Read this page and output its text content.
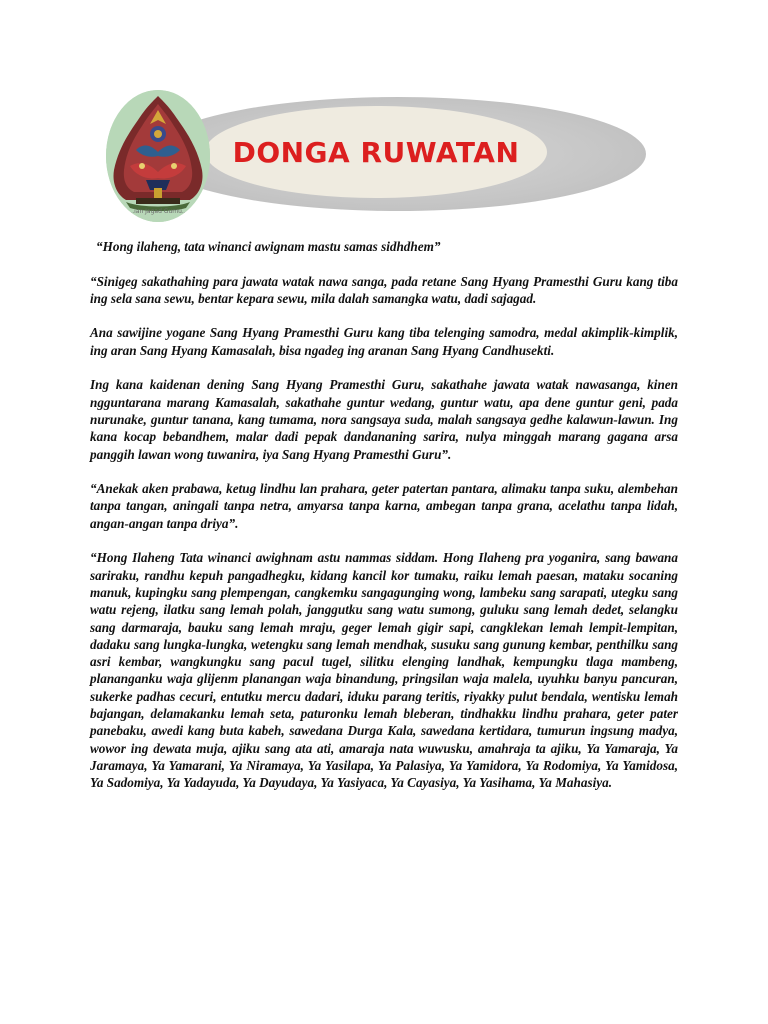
DONGA RUWATAN
...ian Jagad Gumu...

“Hong ilaheng, tata winanci awignam mastu samas sidhdhem”

“Sinigeg sakathahing para jawata watak nawa sanga, pada retane Sang Hyang Pramesthi Guru kang tiba ing sela sana sewu, bentar kepara sewu, mila dalah samangka watu, dadi sajagad.

Ana sawijine yogane Sang Hyang Pramesthi Guru kang tiba telenging samodra, medal akimplik-kimplik, ing aran Sang Hyang Kamasalah, bisa ngadeg ing aranan Sang Hyang Candhusekti.

Ing kana kaidenan dening Sang Hyang Pramesthi Guru, sakathahe jawata watak nawasanga, kinen ngguntarana marang Kamasalah, sakathahe guntur wedang, guntur watu, apa dene guntur geni, pada nurunake, guntur tanana, kang tumama, nora sangsaya suda, malah sangsaya gedhe kalawun-lawun. Ing kana kocap bebandhem, malar dadi pepak dandananing sarira, nulya minggah marang gagana arsa panggih lawan wong tuwanira, iya Sang Hyang Pramesthi Guru”.

“Anekak aken prabawa, ketug lindhu lan prahara, geter patertan pantara, alimaku tanpa suku, alembehan tanpa tangan, aningali tanpa netra, amyarsa tanpa karna, ambegan tanpa grana, acelathu tanpa lidah, angan-angan tanpa driya”.

“Hong Ilaheng Tata winanci awighnam astu nammas siddam. Hong Ilaheng pra yoganira, sang bawana sariraku, randhu kepuh pangadhegku, kidang kancil kor tumaku, raiku lemah paesan, mataku socaning manuk, kupingku sang plempengan, cangkemku sangagunging wong, lambeku sang sarapati, utegku sang watu rejeng, ilatku sang lemah polah, janggutku sang watu sumong, guluku sang lemah dedet, selangku sang darmaraja, bauku sang lemah mraju, geger lemah gigir sapi, cangklekan lemah lempit-lempitan, dadaku sang lungka-lungka, wetengku sang lemah mendhak, susuku sang gunung kembar, penthilku sang asri kembar, wangkungku sang pacul tugel, silitku elenging landhak, kempungku tlaga mambeng, plananganku waja glijenm planangan waja binandung, pringsilan waja malela, uyuhku banyu pancuran, sukerke padhas cecuri, entutku mercu dadari, iduku parang teritis, riyakky pulut bendala, wentisku lemah bajangan, delamakanku lemah seta, paturonku lemah bleberan, tindhakku lindhu prahara, geter pater panebaku, awedi kang buta kabeh, sawedana Durga Kala, sawedana kertidara, tumurun ingsung madya, wowor ing dewata muja, ajiku sang ata ati, amaraja nata wuwusku, amahraja ta ajiku, Ya Yamaraja, Ya Jaramaya, Ya Yamarani, Ya Niramaya, Ya Yasilapa, Ya Palasiya, Ya Yamidora, Ya Rodomiya, Ya Yamidosa, Ya Sadomiya, Ya Yadayuda, Ya Dayudaya, Ya Yasiyaca, Ya Cayasiya, Ya Yasihama, Ya Mahasiya.
